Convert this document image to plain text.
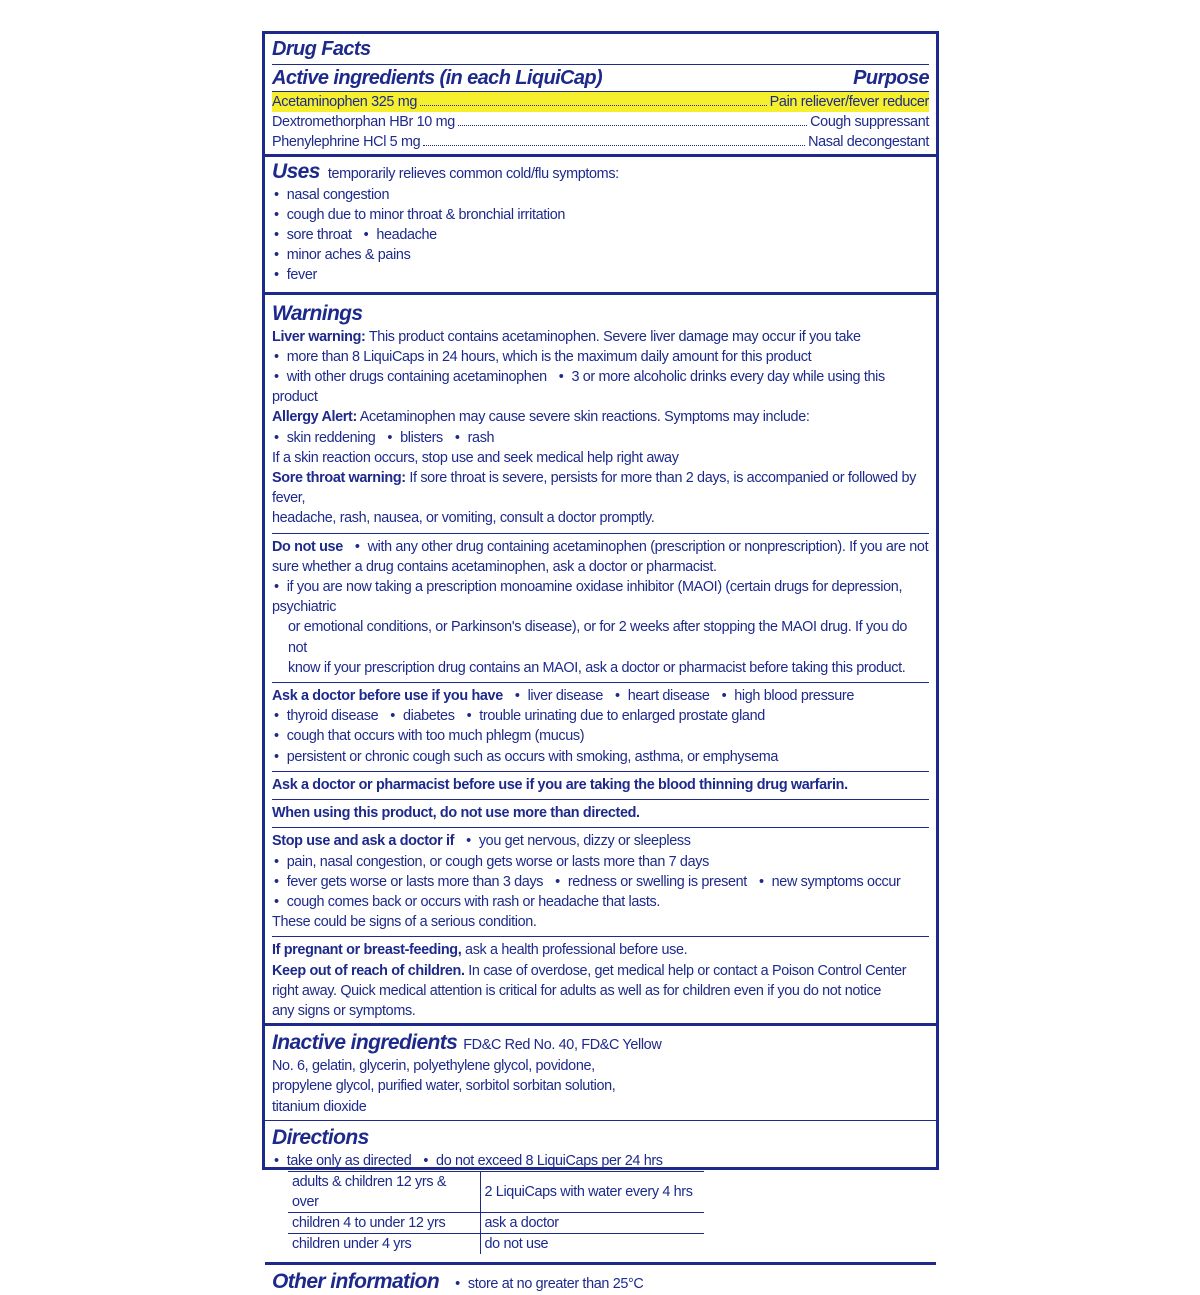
Drug Facts
Active ingredients (in each LiquiCap)	Purpose
Acetaminophen 325 mg	Pain reliever/fever reducer
Dextromethorphan HBr 10 mg	Cough suppressant
Phenylephrine HCl 5 mg	Nasal decongestant
Uses temporarily relieves common cold/flu symptoms:
• nasal congestion
• cough due to minor throat & bronchial irritation
• sore throat • headache
• minor aches & pains
• fever
Warnings
Liver warning: This product contains acetaminophen. Severe liver damage may occur if you take
• more than 8 LiquiCaps in 24 hours, which is the maximum daily amount for this product
• with other drugs containing acetaminophen • 3 or more alcoholic drinks every day while using this product
Allergy Alert: Acetaminophen may cause severe skin reactions. Symptoms may include:
• skin reddening • blisters • rash
If a skin reaction occurs, stop use and seek medical help right away
Sore throat warning: If sore throat is severe, persists for more than 2 days, is accompanied or followed by fever,
headache, rash, nausea, or vomiting, consult a doctor promptly.
Do not use • with any other drug containing acetaminophen (prescription or nonprescription). If you are not
sure whether a drug contains acetaminophen, ask a doctor or pharmacist.
• if you are now taking a prescription monoamine oxidase inhibitor (MAOI) (certain drugs for depression, psychiatric
or emotional conditions, or Parkinson's disease), or for 2 weeks after stopping the MAOI drug. If you do not
know if your prescription drug contains an MAOI, ask a doctor or pharmacist before taking this product.
Ask a doctor before use if you have • liver disease • heart disease • high blood pressure
• thyroid disease • diabetes • trouble urinating due to enlarged prostate gland
• cough that occurs with too much phlegm (mucus)
• persistent or chronic cough such as occurs with smoking, asthma, or emphysema
Ask a doctor or pharmacist before use if you are taking the blood thinning drug warfarin.
When using this product, do not use more than directed.
Stop use and ask a doctor if • you get nervous, dizzy or sleepless
• pain, nasal congestion, or cough gets worse or lasts more than 7 days
• fever gets worse or lasts more than 3 days • redness or swelling is present • new symptoms occur
• cough comes back or occurs with rash or headache that lasts.
These could be signs of a serious condition.
If pregnant or breast-feeding, ask a health professional before use.
Keep out of reach of children. In case of overdose, get medical help or contact a Poison Control Center
right away. Quick medical attention is critical for adults as well as for children even if you do not notice
any signs or symptoms.
Inactive ingredients FD&C Red No. 40, FD&C Yellow
No. 6, gelatin, glycerin, polyethylene glycol, povidone,
propylene glycol, purified water, sorbitol sorbitan solution,
titanium dioxide
Directions
• take only as directed • do not exceed 8 LiquiCaps per 24 hrs
adults & children 12 yrs & over	2 LiquiCaps with water every 4 hrs
children 4 to under 12 yrs	ask a doctor
children under 4 yrs	do not use
Other information • store at no greater than 25°C
